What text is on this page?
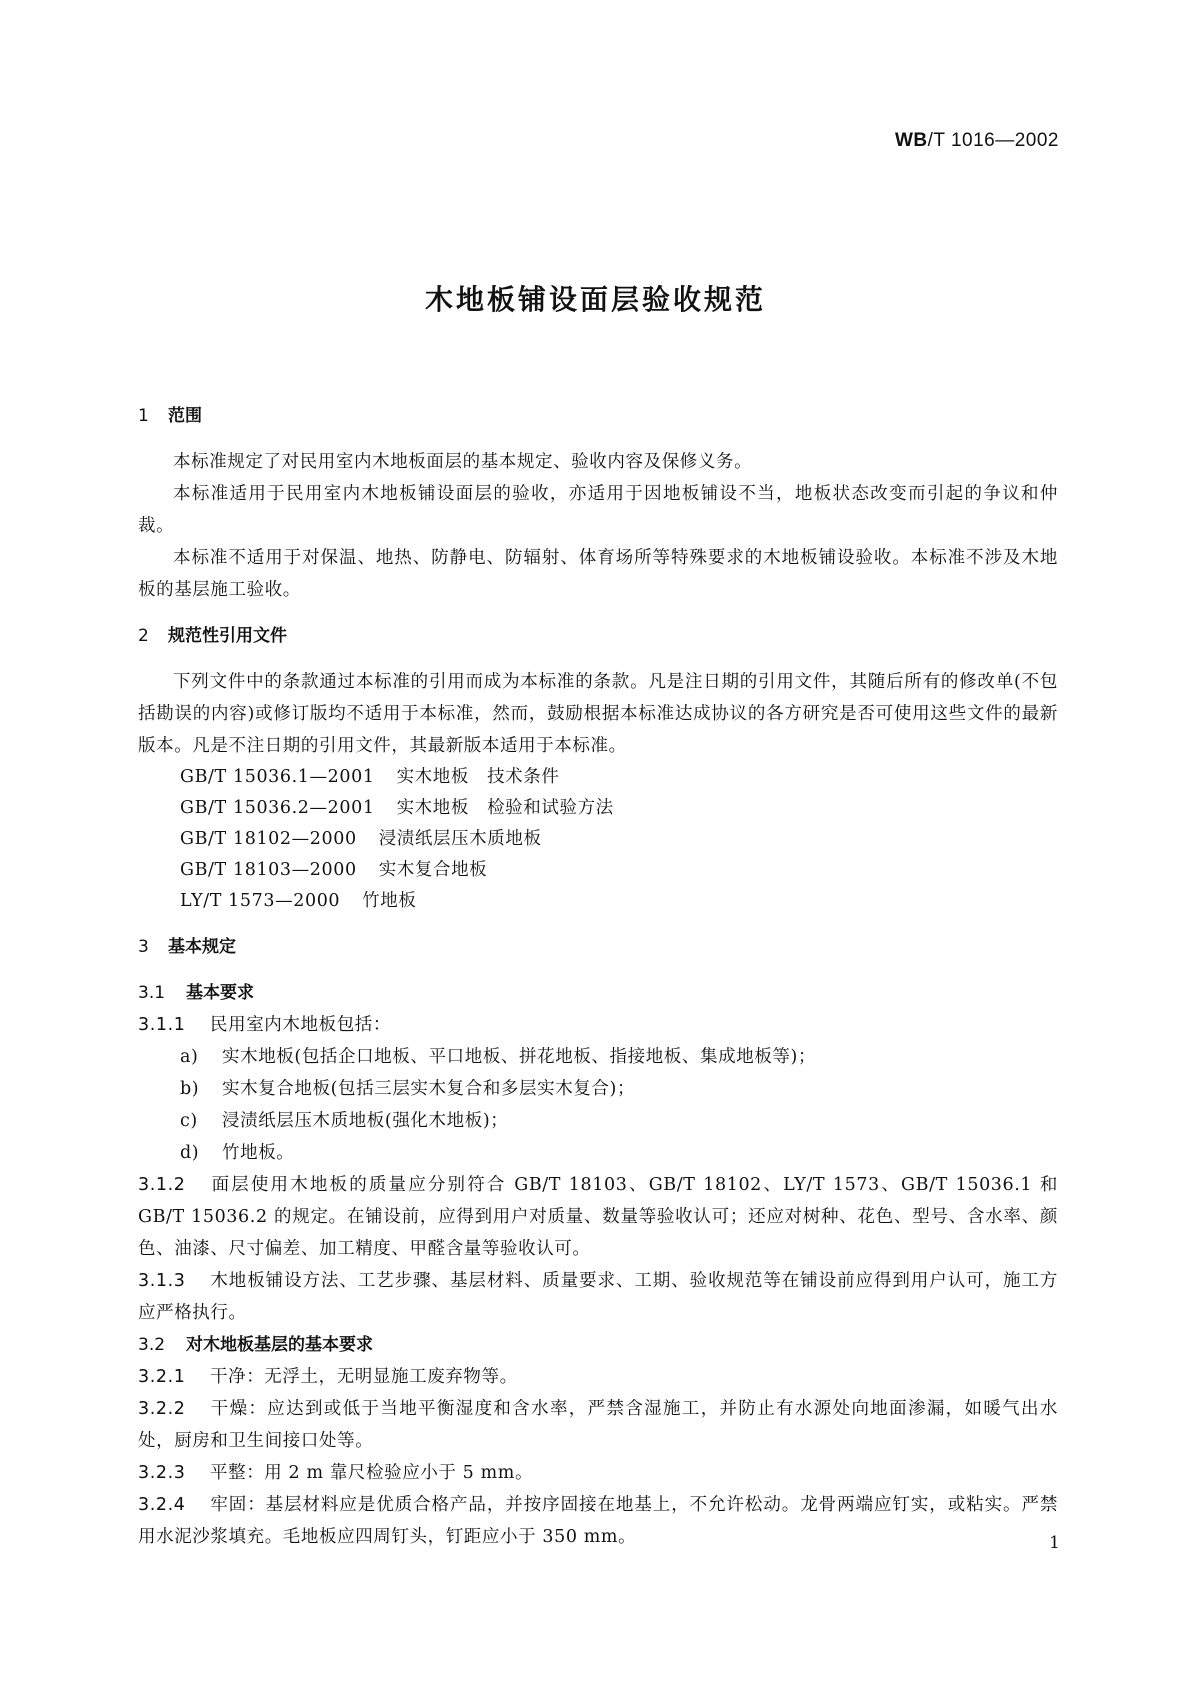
WB/T 1016—2002
木地板铺设面层验收规范
1 范围

本标准规定了对民用室内木地板面层的基本规定、验收内容及保修义务。

本标准适用于民用室内木地板铺设面层的验收，亦适用于因地板铺设不当，地板状态改变而引起的争议和仲裁。

本标准不适用于对保温、地热、防静电、防辐射、体育场所等特殊要求的木地板铺设验收。本标准不涉及木地板的基层施工验收。

2 规范性引用文件

下列文件中的条款通过本标准的引用而成为本标准的条款。凡是注日期的引用文件，其随后所有的修改单(不包括勘误的内容)或修订版均不适用于本标准，然而，鼓励根据本标准达成协议的各方研究是否可使用这些文件的最新版本。凡是不注日期的引用文件，其最新版本适用于本标准。

GB/T 15036.1—2001 实木地板　技术条件
GB/T 15036.2—2001 实木地板　检验和试验方法
GB/T 18102—2000 浸渍纸层压木质地板
GB/T 18103—2000 实木复合地板
LY/T 1573—2000 竹地板
3 基本规定
3.1 基本要求

3.1.1 民用室内木地板包括：

a) 实木地板(包括企口地板、平口地板、拼花地板、指接地板、集成地板等)；
b) 实木复合地板(包括三层实木复合和多层实木复合)；
c) 浸渍纸层压木质地板(强化木地板)；
d) 竹地板。

3.1.2 面层使用木地板的质量应分别符合 GB/T 18103、GB/T 18102、LY/T 1573、GB/T 15036.1 和 GB/T 15036.2 的规定。在铺设前，应得到用户对质量、数量等验收认可；还应对树种、花色、型号、含水率、颜色、油漆、尺寸偏差、加工精度、甲醛含量等验收认可。

3.1.3 木地板铺设方法、工艺步骤、基层材料、质量要求、工期、验收规范等在铺设前应得到用户认可，施工方应严格执行。

3.2 对木地板基层的基本要求

3.2.1 干净：无浮土，无明显施工废弃物等。

3.2.2 干燥：应达到或低于当地平衡湿度和含水率，严禁含湿施工，并防止有水源处向地面渗漏，如暖气出水处，厨房和卫生间接口处等。

3.2.3 平整：用 2 m 靠尺检验应小于 5 mm。

3.2.4 牢固：基层材料应是优质合格产品，并按序固接在地基上，不允许松动。龙骨两端应钉实，或粘实。严禁用水泥沙浆填充。毛地板应四周钉头，钉距应小于 350 mm。	1
